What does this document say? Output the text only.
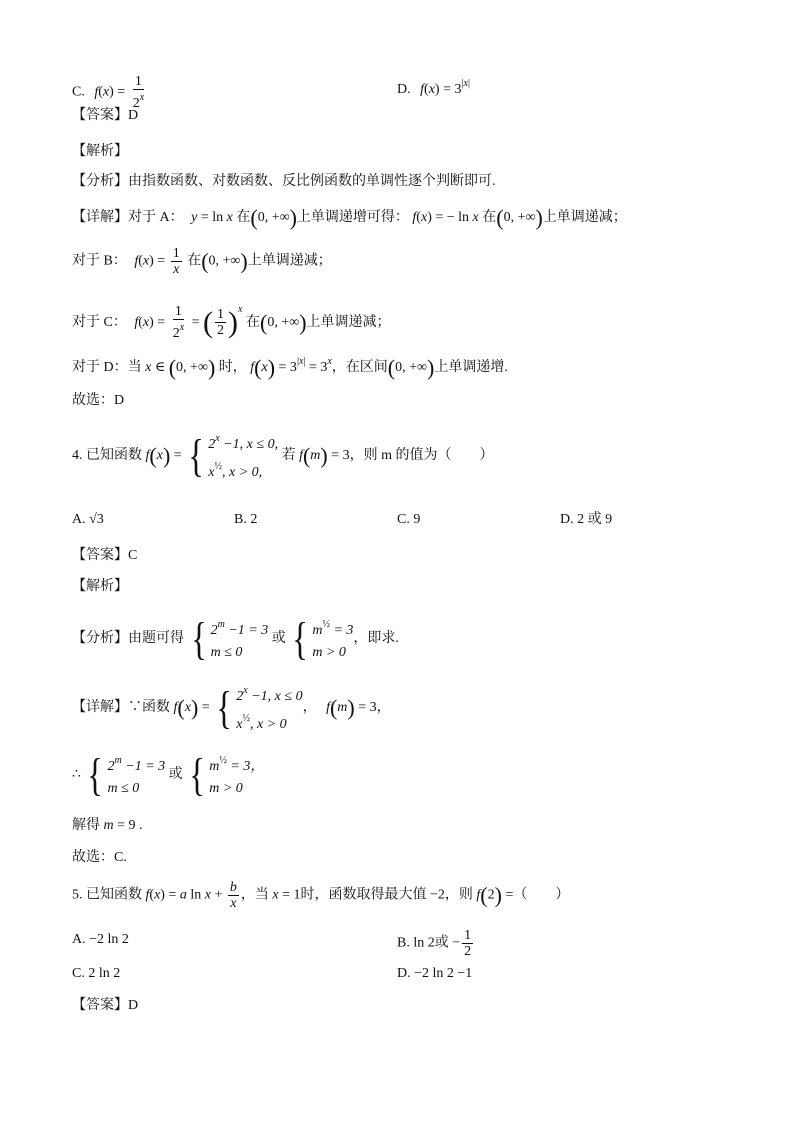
C. $f(x) = \frac{1}{2^x}$	D. $f(x) = 3^{|x|}$
【答案】D
【解析】
【分析】由指数函数、对数函数、反比例函数的单调性逐个判断即可.
【详解】对于 A： y = ln x 在(0, +∞)上单调递增可得： f(x) = − ln x 在(0, +∞)上单调递减；
对于 B： $f(x) = \frac{1}{x}$ 在(0, +∞)上单调递减；
对于 C： $f(x) = \frac{1}{2^x}$ = ( $\frac{1}{2} )^x$ 在(0, +∞)上单调递减；
对于 D：当 x ∈ (0, +∞) 时， $f(x) = 3^{|x|} = 3^x$，在区间(0, +∞)上单调递增.
故选：D
4. 已知函数 f(x) = { $2^x -1$, x ≤ 0,
$x^{\frac{1}{2}}$, x > 0,
若 f(m) = 3，则 m 的值为（　　）
A. √3	B. 2	C. 9	D. 2 或 9
【答案】C
【解析】
【分析】由题可得 { $2^m -1 = 3$
m ≤ 0
或 { $m^{\frac{1}{2}} = 3$
m > 0
，即求.
【详解】∵函数 f(x) = { $2^x -1$, x ≤ 0
$x^{\frac{1}{2}}$, x > 0
， f(m) = 3，
∴ { $2^m -1 = 3$
m ≤ 0
或 { $m^{\frac{1}{2}} = 3$，
m > 0
解得 m = 9 .
故选：C.
5. 已知函数 f(x) = a $\ln x + \frac{b}{x}$ ，当 x = 1时，函数取得最大值 −2，则 f(2) =（　　）
A. −2 ln 2	B. ln 2或 − $\frac{1}{2}$
C. 2 ln 2	D. −2 ln 2 −1
【答案】D
